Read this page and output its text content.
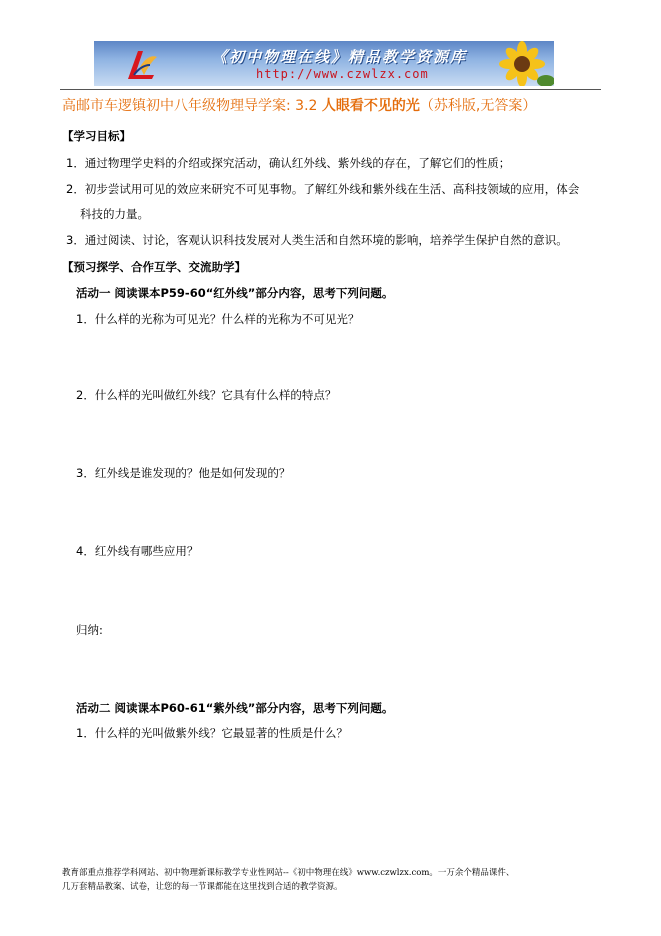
《初中物理在线》精品教学资源库
http://www.czwlzx.com
高邮市车逻镇初中八年级物理导学案: 3.2 人眼看不见的光（苏科版,无答案）
【学习目标】
1．通过物理学史料的介绍或探究活动，确认红外线、紫外线的存在，了解它们的性质；
2．初步尝试用可见的效应来研究不可见事物。了解红外线和紫外线在生活、高科技领域的应用，体会
科技的力量。
3．通过阅读、讨论，客观认识科技发展对人类生活和自然环境的影响，培养学生保护自然的意识。
【预习探学、合作互学、交流助学】
活动一 阅读课本P59-60“红外线”部分内容，思考下列问题。
1．什么样的光称为可见光？什么样的光称为不可见光？
2．什么样的光叫做红外线？它具有什么样的特点？
3．红外线是谁发现的？他是如何发现的？
4．红外线有哪些应用？
归纳:
活动二 阅读课本P60-61“紫外线”部分内容，思考下列问题。
1．什么样的光叫做紫外线？它最显著的性质是什么？
教育部重点推荐学科网站、初中物理新课标教学专业性网站--《初中物理在线》www.czwlzx.com。一万余个精品课件、
几万套精品教案、试卷，让您的每一节课都能在这里找到合适的教学资源。
